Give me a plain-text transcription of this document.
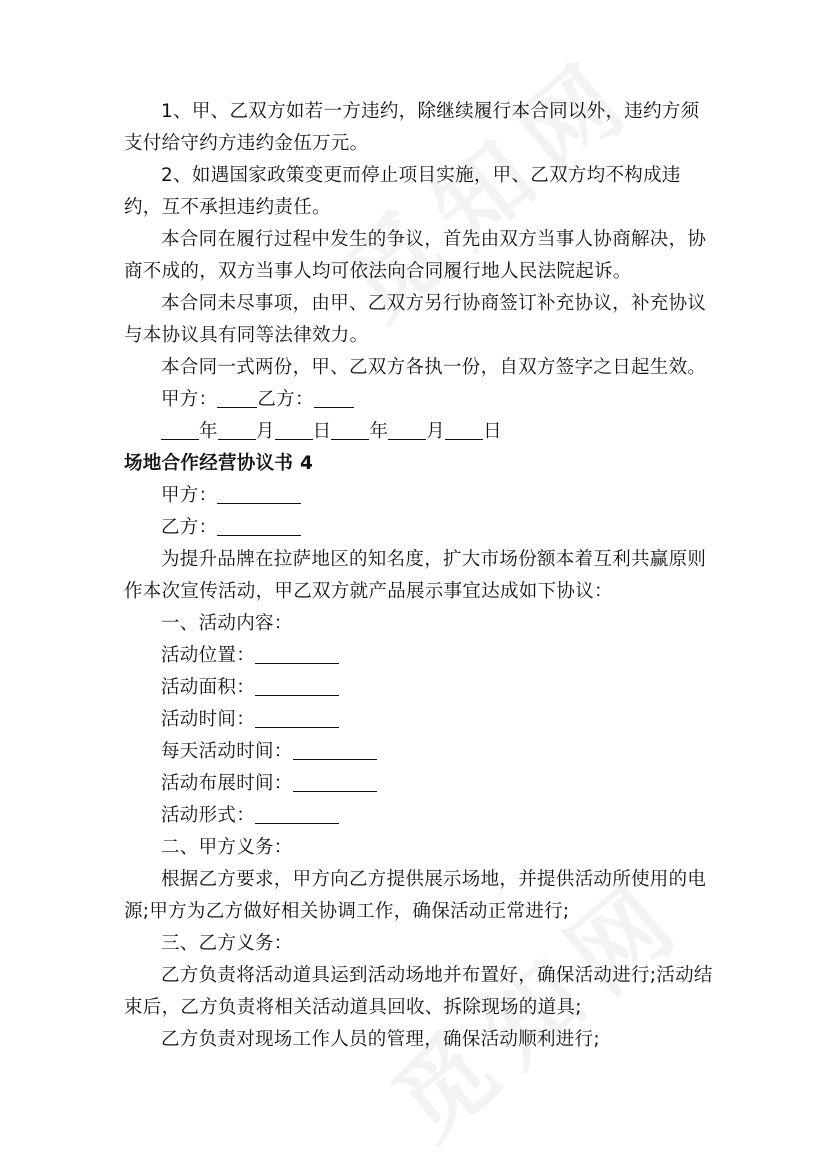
1、甲、乙双方如若一方违约，除继续履行本合同以外，违约方须支付给守约方违约金伍万元。

2、如遇国家政策变更而停止项目实施，甲、乙双方均不构成违约，互不承担违约责任。

本合同在履行过程中发生的争议，首先由双方当事人协商解决，协商不成的，双方当事人均可依法向合同履行地人民法院起诉。

本合同未尽事项，由甲、乙双方另行协商签订补充协议，补充协议与本协议具有同等法律效力。

本合同一式两份，甲、乙双方各执一份，自双方签字之日起生效。

甲方： 乙方：

年 月 日 年 月 日

场地合作经营协议书 4

甲方：

乙方：

为提升品牌在拉萨地区的知名度，扩大市场份额本着互利共赢原则作本次宣传活动，甲乙双方就产品展示事宜达成如下协议：

一、活动内容：

活动位置：

活动面积：

活动时间：

每天活动时间：

活动布展时间：

活动形式：

二、甲方义务：

根据乙方要求，甲方向乙方提供展示场地，并提供活动所使用的电源;甲方为乙方做好相关协调工作，确保活动正常进行;

三、乙方义务：

乙方负责将活动道具运到活动场地并布置好，确保活动进行;活动结束后，乙方负责将相关活动道具回收、拆除现场的道具;

乙方负责对现场工作人员的管理，确保活动顺利进行;
